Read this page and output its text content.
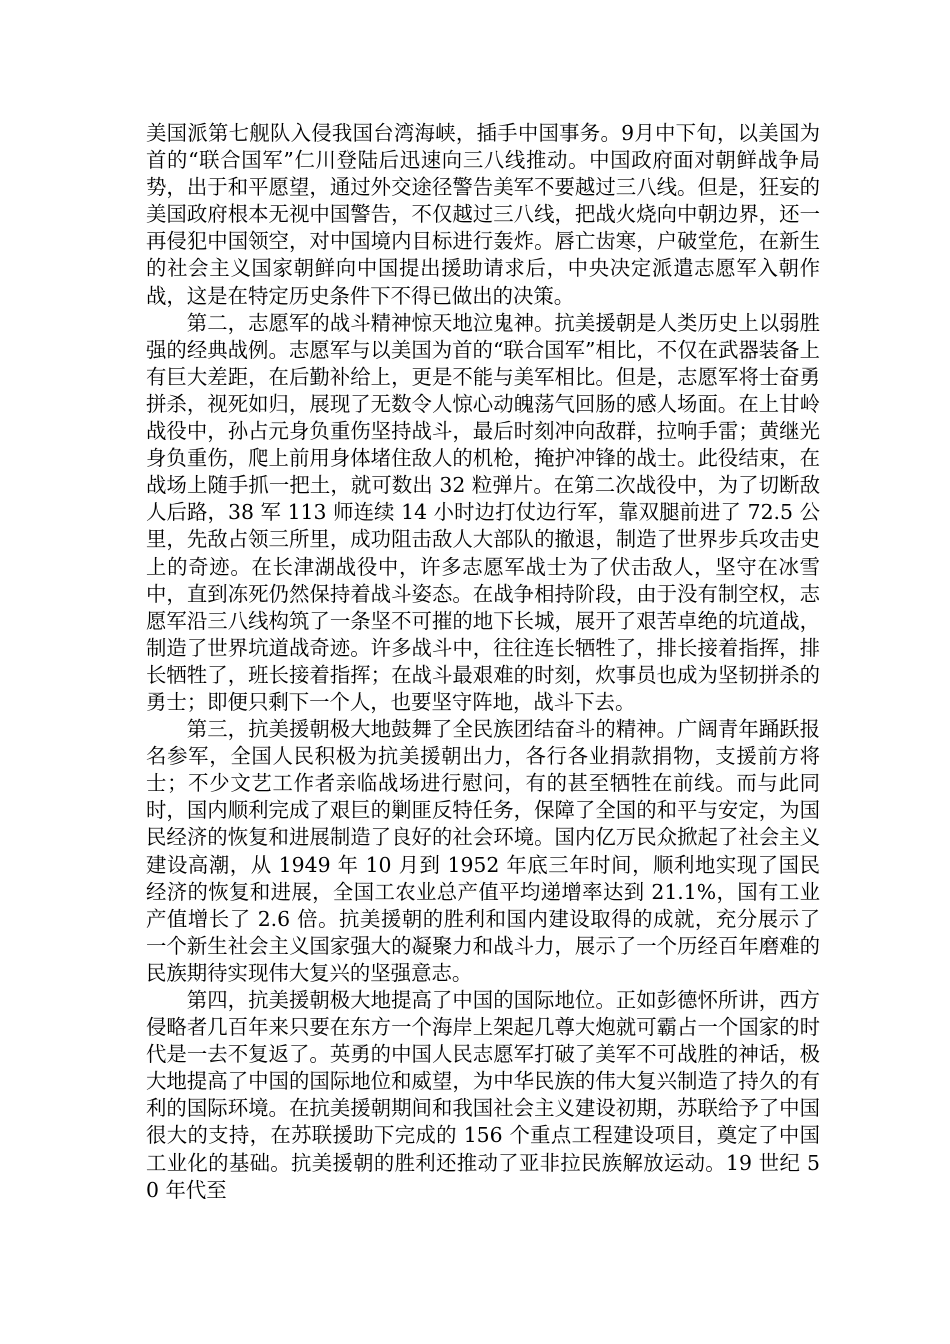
美国派第七舰队入侵我国台湾海峡，插手中国事务。9月中下旬，以美国为首的“联合国军”仁川登陆后迅速向三八线推动。中国政府面对朝鲜战争局势，出于和平愿望，通过外交途径警告美军不要越过三八线。但是，狂妄的美国政府根本无视中国警告，不仅越过三八线，把战火烧向中朝边界，还一再侵犯中国领空，对中国境内目标进行轰炸。唇亡齿寒，户破堂危，在新生的社会主义国家朝鲜向中国提出援助请求后，中央决定派遣志愿军入朝作战，这是在特定历史条件下不得已做出的决策。

第二，志愿军的战斗精神惊天地泣鬼神。抗美援朝是人类历史上以弱胜强的经典战例。志愿军与以美国为首的“联合国军”相比，不仅在武器装备上有巨大差距，在后勤补给上，更是不能与美军相比。但是，志愿军将士奋勇拼杀，视死如归，展现了无数令人惊心动魄荡气回肠的感人场面。在上甘岭战役中，孙占元身负重伤坚持战斗，最后时刻冲向敌群，拉响手雷；黄继光身负重伤，爬上前用身体堵住敌人的机枪，掩护冲锋的战士。此役结束，在战场上随手抓一把土，就可数出 32 粒弹片。在第二次战役中，为了切断敌人后路，38 军 113 师连续 14 小时边打仗边行军，靠双腿前进了 72.5 公里，先敌占领三所里，成功阻击敌人大部队的撤退，制造了世界步兵攻击史上的奇迹。在长津湖战役中，许多志愿军战士为了伏击敌人，坚守在冰雪中，直到冻死仍然保持着战斗姿态。在战争相持阶段，由于没有制空权，志愿军沿三八线构筑了一条坚不可摧的地下长城，展开了艰苦卓绝的坑道战，制造了世界坑道战奇迹。许多战斗中，往往连长牺牲了，排长接着指挥，排长牺牲了，班长接着指挥；在战斗最艰难的时刻，炊事员也成为坚韧拼杀的勇士；即便只剩下一个人，也要坚守阵地，战斗下去。

第三，抗美援朝极大地鼓舞了全民族团结奋斗的精神。广阔青年踊跃报名参军，全国人民积极为抗美援朝出力，各行各业捐款捐物，支援前方将士；不少文艺工作者亲临战场进行慰问，有的甚至牺牲在前线。而与此同时，国内顺利完成了艰巨的剿匪反特任务，保障了全国的和平与安定，为国民经济的恢复和进展制造了良好的社会环境。国内亿万民众掀起了社会主义建设高潮，从 1949 年 10 月到 1952 年底三年时间，顺利地实现了国民经济的恢复和进展，全国工农业总产值平均递增率达到 21.1%，国有工业产值增长了 2.6 倍。抗美援朝的胜利和国内建设取得的成就，充分展示了一个新生社会主义国家强大的凝聚力和战斗力，展示了一个历经百年磨难的民族期待实现伟大复兴的坚强意志。

第四，抗美援朝极大地提高了中国的国际地位。正如彭德怀所讲，西方侵略者几百年来只要在东方一个海岸上架起几尊大炮就可霸占一个国家的时代是一去不复返了。英勇的中国人民志愿军打破了美军不可战胜的神话，极大地提高了中国的国际地位和威望，为中华民族的伟大复兴制造了持久的有利的国际环境。在抗美援朝期间和我国社会主义建设初期，苏联给予了中国很大的支持，在苏联援助下完成的 156 个重点工程建设项目，奠定了中国工业化的基础。抗美援朝的胜利还推动了亚非拉民族解放运动。19 世纪 50 年代至
